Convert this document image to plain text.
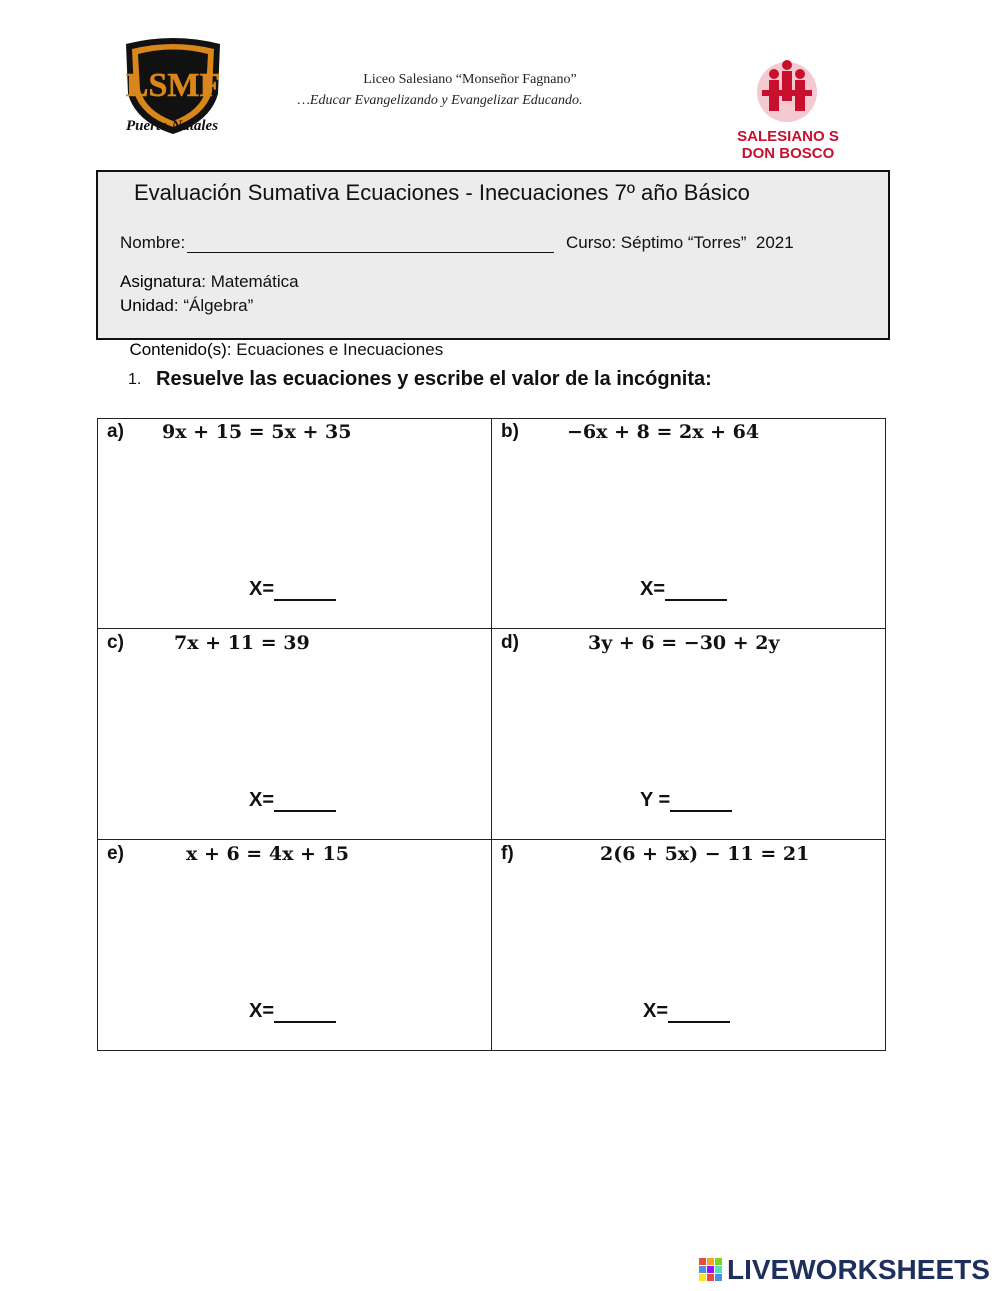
LSMF
Puerto Natales
Liceo Salesiano “Monseñor Fagnano”
…Educar Evangelizando y Evangelizar Educando.
SALESIANO S
DON BOSCO
Evaluación Sumativa Ecuaciones - Inecuaciones 7º año Básico
Nombre:	Curso: Séptimo “Torres”  2021
Asignatura: Matemática
Unidad: “Álgebra”

Contenido(s): Ecuaciones e Inecuaciones

1. Resuelve las ecuaciones y escribe el valor de la incógnita:
a) 9x + 15 = 5x + 35
X=
b)	−6x + 8 = 2x + 64
X=
c)	7x + 11 = 39
X=
d)	3y + 6 = −30 + 2y
Y =
e)	x + 6 = 4x + 15
X=
f)	2(6 + 5x) − 11 = 21
X=
LIVEWORKSHEETS
